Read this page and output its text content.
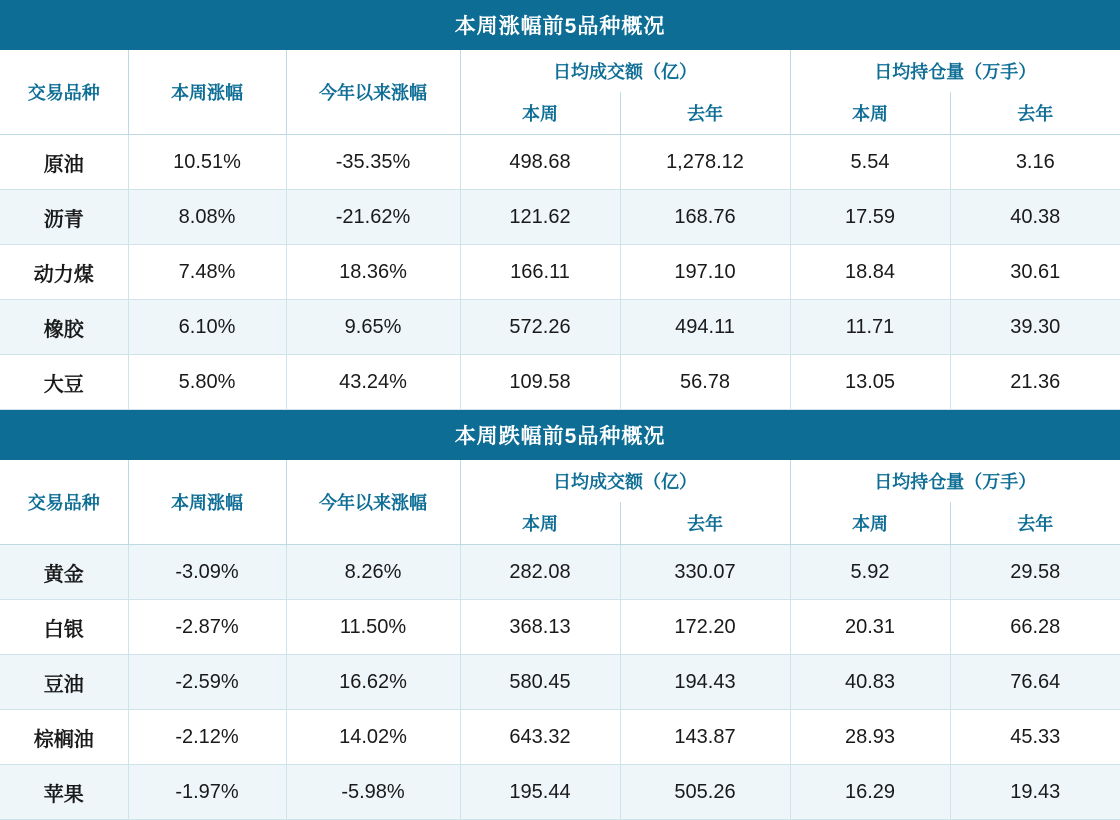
本周涨幅前5品种概况						
交易品种	本周涨幅	今年以来涨幅	日均成交额（亿）		日均持仓量（万手）	
			本周	去年	本周	去年
原油	10.51%	-35.35%	498.68	1,278.12	5.54	3.16
沥青	8.08%	-21.62%	121.62	168.76	17.59	40.38
动力煤	7.48%	18.36%	166.11	197.10	18.84	30.61
橡胶	6.10%	9.65%	572.26	494.11	11.71	39.30
大豆	5.80%	43.24%	109.58	56.78	13.05	21.36
本周跌幅前5品种概况						
交易品种	本周涨幅	今年以来涨幅	日均成交额（亿）		日均持仓量（万手）	
			本周	去年	本周	去年
黄金	-3.09%	8.26%	282.08	330.07	5.92	29.58
白银	-2.87%	11.50%	368.13	172.20	20.31	66.28
豆油	-2.59%	16.62%	580.45	194.43	40.83	76.64
棕榈油	-2.12%	14.02%	643.32	143.87	28.93	45.33
苹果	-1.97%	-5.98%	195.44	505.26	16.29	19.43
